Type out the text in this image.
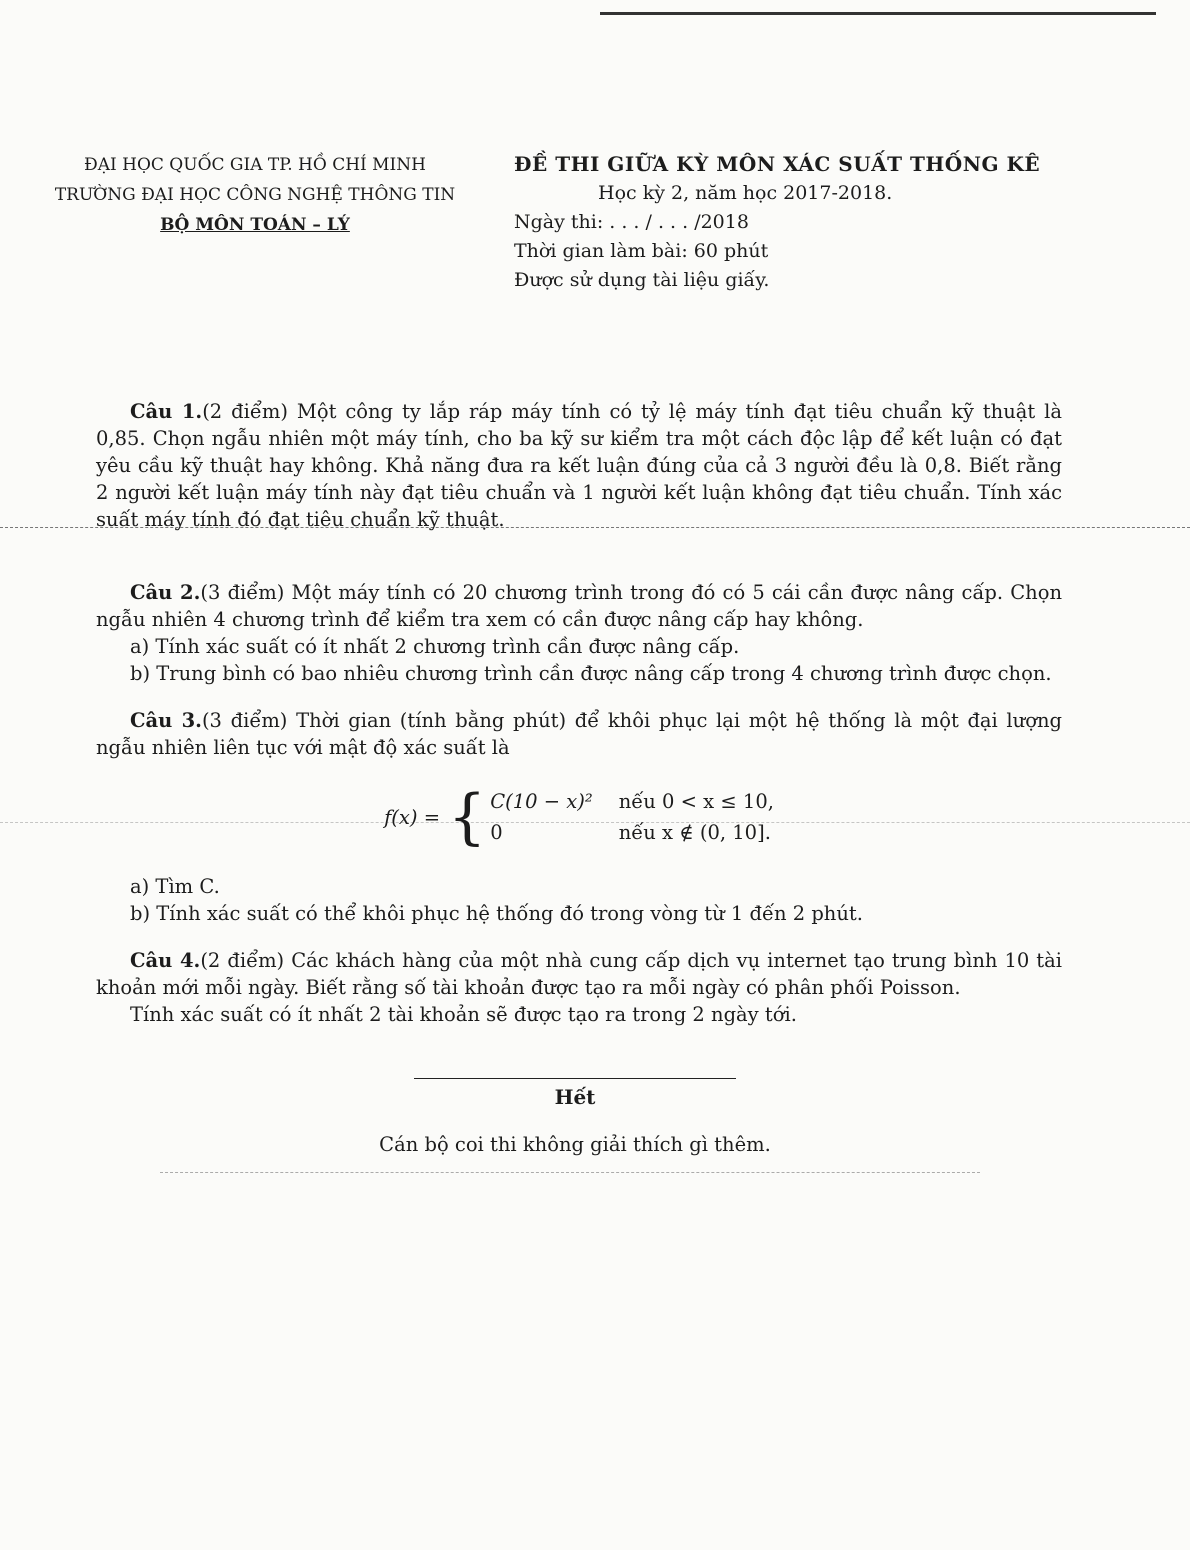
ĐẠI HỌC QUỐC GIA TP. HỒ CHÍ MINH
TRƯỜNG ĐẠI HỌC CÔNG NGHỆ THÔNG TIN
BỘ MÔN TOÁN – LÝ
ĐỀ THI GIỮA KỲ MÔN XÁC SUẤT THỐNG KÊ
Học kỳ 2, năm học 2017-2018.
Ngày thi: . . . / . . . /2018
Thời gian làm bài: 60 phút
Được sử dụng tài liệu giấy.

Câu 1.(2 điểm) Một công ty lắp ráp máy tính có tỷ lệ máy tính đạt tiêu chuẩn kỹ thuật là 0,85. Chọn ngẫu nhiên một máy tính, cho ba kỹ sư kiểm tra một cách độc lập để kết luận có đạt yêu cầu kỹ thuật hay không. Khả năng đưa ra kết luận đúng của cả 3 người đều là 0,8. Biết rằng 2 người kết luận máy tính này đạt tiêu chuẩn và 1 người kết luận không đạt tiêu chuẩn. Tính xác suất máy tính đó đạt tiêu chuẩn kỹ thuật.

Câu 2.(3 điểm) Một máy tính có 20 chương trình trong đó có 5 cái cần được nâng cấp. Chọn ngẫu nhiên 4 chương trình để kiểm tra xem có cần được nâng cấp hay không.

a) Tính xác suất có ít nhất 2 chương trình cần được nâng cấp.

b) Trung bình có bao nhiêu chương trình cần được nâng cấp trong 4 chương trình được chọn.

Câu 3.(3 điểm) Thời gian (tính bằng phút) để khôi phục lại một hệ thống là một đại lượng ngẫu nhiên liên tục với mật độ xác suất là

f(x) = { C(10 − x)² nếu 0 < x ≤ 10,
0	nếu x ∉ (0, 10].

a) Tìm C.

b) Tính xác suất có thể khôi phục hệ thống đó trong vòng từ 1 đến 2 phút.

Câu 4.(2 điểm) Các khách hàng của một nhà cung cấp dịch vụ internet tạo trung bình 10 tài khoản mới mỗi ngày. Biết rằng số tài khoản được tạo ra mỗi ngày có phân phối Poisson.

Tính xác suất có ít nhất 2 tài khoản sẽ được tạo ra trong 2 ngày tới.

Hết
Cán bộ coi thi không giải thích gì thêm.
